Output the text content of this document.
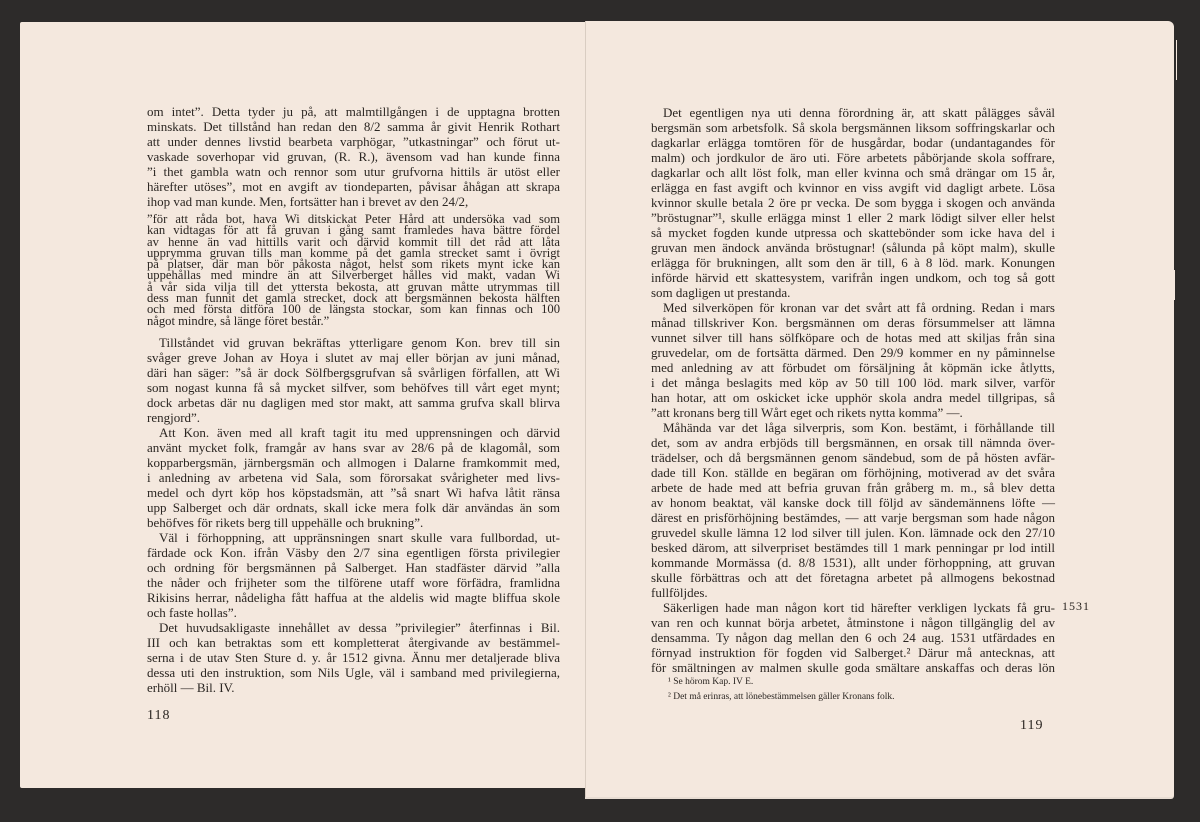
om intet”. Detta tyder ju på, att malmtillgången i de upptagna brotten
minskats. Det tillstånd han redan den 8/2 samma år givit Henrik Rothart
att under dennes livstid bearbeta varphögar, ”utkastningar” och förut ut-
vaskade soverhopar vid gruvan, (R. R.), ävensom vad han kunde finna
”i thet gambla watn och rennor som utur grufvorna hittils är utöst eller
härefter utöses”, mot en avgift av tiondeparten, påvisar åhågan att skrapa
ihop vad man kunde. Men, fortsätter han i brevet av den 24/2,
”för att råda bot, hava Wi ditskickat Peter Hård att undersöka vad som
kan vidtagas för att få gruvan i gång samt framledes hava bättre fördel
av henne än vad hittills varit och därvid kommit till det råd att låta
upprymma gruvan tills man komme på det gamla strecket samt i övrigt
på platser, där man bör påkosta något, helst som rikets mynt icke kan
uppehållas med mindre än att Silverberget hålles vid makt, vadan Wi
å vår sida vilja till det yttersta bekosta, att gruvan måtte utrymmas till
dess man funnit det gamla strecket, dock att bergsmännen bekosta hälften
och med första ditföra 100 de längsta stockar, som kan finnas och 100
något mindre, så länge föret består.”
Tillståndet vid gruvan bekräftas ytterligare genom Kon. brev till sin
svåger greve Johan av Hoya i slutet av maj eller början av juni månad,
däri han säger: ”så är dock Sölfbergsgrufvan så svårligen förfallen, att Wi
som nogast kunna få så mycket silfver, som behöfves till vårt eget mynt;
dock arbetas där nu dagligen med stor makt, att samma grufva skall blirva
rengjord”.
Att Kon. även med all kraft tagit itu med upprensningen och därvid
använt mycket folk, framgår av hans svar av 28/6 på de klagomål, som
kopparbergsmän, järnbergsmän och allmogen i Dalarne framkommit med,
i anledning av arbetena vid Sala, som förorsakat svårigheter med livs-
medel och dyrt köp hos köpstadsmän, att ”så snart Wi hafva låtit ränsa
upp Salberget och där ordnats, skall icke mera folk där användas än som
behöfves för rikets berg till uppehälle och brukning”.
Väl i förhoppning, att uppränsningen snart skulle vara fullbordad, ut-
färdade ock Kon. ifrån Väsby den 2/7 sina egentligen första privilegier
och ordning för bergsmännen på Salberget. Han stadfäster därvid ”alla
the nåder och frijheter som the tilförene utaff wore förfädra, framlidna
Rikisins herrar, nådeligha fått haffua at the aldelis wid magte bliffua skole
och faste hollas”.
Det huvudsakligaste innehållet av dessa ”privilegier” återfinnas i Bil.
III och kan betraktas som ett kompletterat återgivande av bestämmel-
serna i de utav Sten Sture d. y. år 1512 givna. Ännu mer detaljerade bliva
dessa uti den instruktion, som Nils Ugle, väl i samband med privilegierna,
erhöll — Bil. IV.
Det egentligen nya uti denna förordning är, att skatt pålägges såväl
bergsmän som arbetsfolk. Så skola bergsmännen liksom soffringskarlar och
dagkarlar erlägga tomtören för de husgårdar, bodar (undantagandes för
malm) och jordkulor de äro uti. Före arbetets påbörjande skola soffrare,
dagkarlar och allt löst folk, man eller kvinna och små drängar om 15 år,
erlägga en fast avgift och kvinnor en viss avgift vid dagligt arbete. Lösa
kvinnor skulle betala 2 öre pr vecka. De som bygga i skogen och använda
”bröstugnar”¹, skulle erlägga minst 1 eller 2 mark lödigt silver eller helst
så mycket fogden kunde utpressa och skattebönder som icke hava del i
gruvan men ändock använda bröstugnar! (sålunda på köpt malm), skulle
erlägga för brukningen, allt som den är till, 6 à 8 löd. mark. Konungen
införde härvid ett skattesystem, varifrån ingen undkom, och tog så gott
som dagligen ut prestanda.
Med silverköpen för kronan var det svårt att få ordning. Redan i mars
månad tillskriver Kon. bergsmännen om deras försummelser att lämna
vunnet silver till hans sölfköpare och de hotas med att skiljas från sina
gruvedelar, om de fortsätta därmed. Den 29/9 kommer en ny påminnelse
med anledning av att förbudet om försäljning åt köpmän icke åtlytts,
i det många beslagits med köp av 50 till 100 löd. mark silver, varför
han hotar, att om oskicket icke upphör skola andra medel tillgripas, så
”att kronans berg till Wårt eget och rikets nytta komma” —.
Måhända var det låga silverpris, som Kon. bestämt, i förhållande till
det, som av andra erbjöds till bergsmännen, en orsak till nämnda över-
trädelser, och då bergsmännen genom sändebud, som de på hösten avfär-
dade till Kon. ställde en begäran om förhöjning, motiverad av det svåra
arbete de hade med att befria gruvan från gråberg m. m., så blev detta
av honom beaktat, väl kanske dock till följd av sändemännens löfte —
därest en prisförhöjning bestämdes, — att varje bergsman som hade någon
gruvedel skulle lämna 12 lod silver till julen. Kon. lämnade ock den 27/10
besked därom, att silverpriset bestämdes till 1 mark penningar pr lod intill
kommande Mormässa (d. 8/8 1531), allt under förhoppning, att gruvan
skulle förbättras och att det företagna arbetet på allmogens bekostnad
fullföljdes.
Säkerligen hade man någon kort tid härefter verkligen lyckats få gru-
van ren och kunnat börja arbetet, åtminstone i någon tillgänglig del av
densamma. Ty någon dag mellan den 6 och 24 aug. 1531 utfärdades en
förnyad instruktion för fogden vid Salberget.² Därur må antecknas, att
för smältningen av malmen skulle goda smältare anskaffas och deras lön
¹ Se hörom Kap. IV E.
² Det må erinras, att lönebestämmelsen gäller Kronans folk.
118
119
1531
